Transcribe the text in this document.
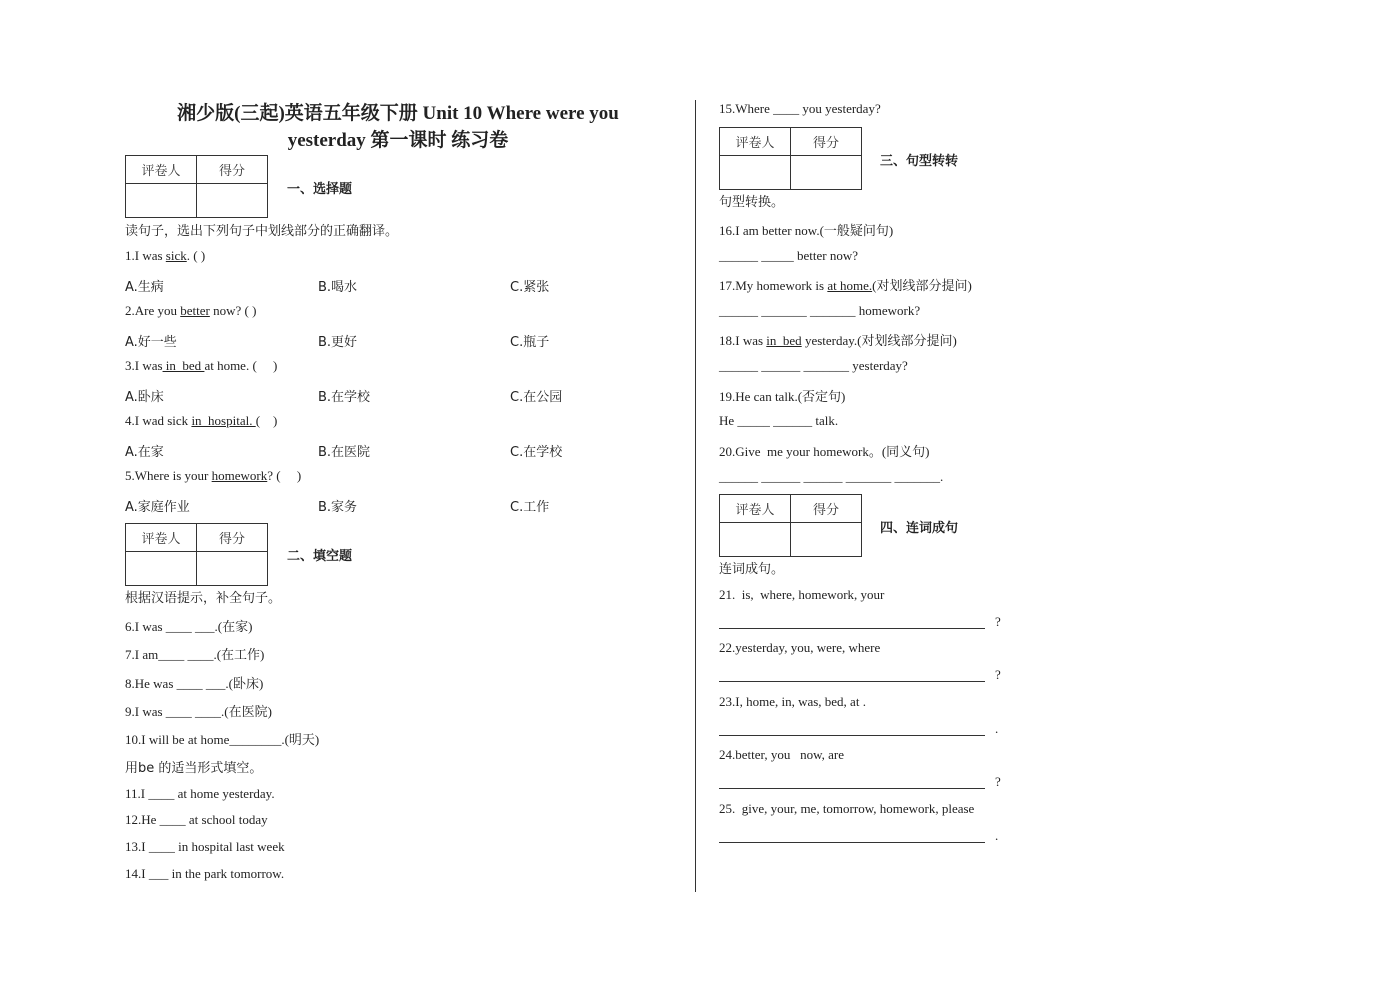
湘少版(三起)英语五年级下册 Unit 10 Where were you
yesterday 第一课时 练习卷
评卷人	得分

一、选择题
读句子，选出下列句子中划线部分的正确翻译。
1.I was sick. ( )
A.生病	B.喝水	C.紧张
2.Are you better now? ( )
A.好一些	B.更好	C.瓶子
3.I was in  bed at home. (     )
A.卧床	B.在学校	C.在公园
4.I wad sick in  hospital. (    )
A.在家	B.在医院	C.在学校
5.Where is your homework? (     )
A.家庭作业	B.家务	C.工作
评卷人	得分

二、填空题
根据汉语提示，补全句子。
6.I was ____ ___.(在家)
7.I am____ ____.(在工作)
8.He was ____ ___.(卧床)
9.I was ____ ____.(在医院)
10.I will be at home________.(明天)
用be 的适当形式填空。
11.I ____ at home yesterday.
12.He ____ at school today
13.I ____ in hospital last week
14.I ___ in the park tomorrow.
15.Where ____ you yesterday?
评卷人	得分

三、句型转转
句型转换。
16.I am better now.(一般疑问句)
______ _____ better now?
17.My homework is at home.(对划线部分提问)
______ _______ _______ homework?
18.I was in  bed yesterday.(对划线部分提问)
______ ______ _______ yesterday?
19.He can talk.(否定句)
He _____ ______ talk.
20.Give  me your homework。(同义句)
______ ______ ______ _______ _______.
评卷人	得分

四、连词成句
连词成句。
21.  is,  where, homework, your
?
22.yesterday, you, were, where
?
23.I, home, in, was, bed, at .
.
24.better, you   now, are
?
25.  give, your, me, tomorrow, homework, please
.
